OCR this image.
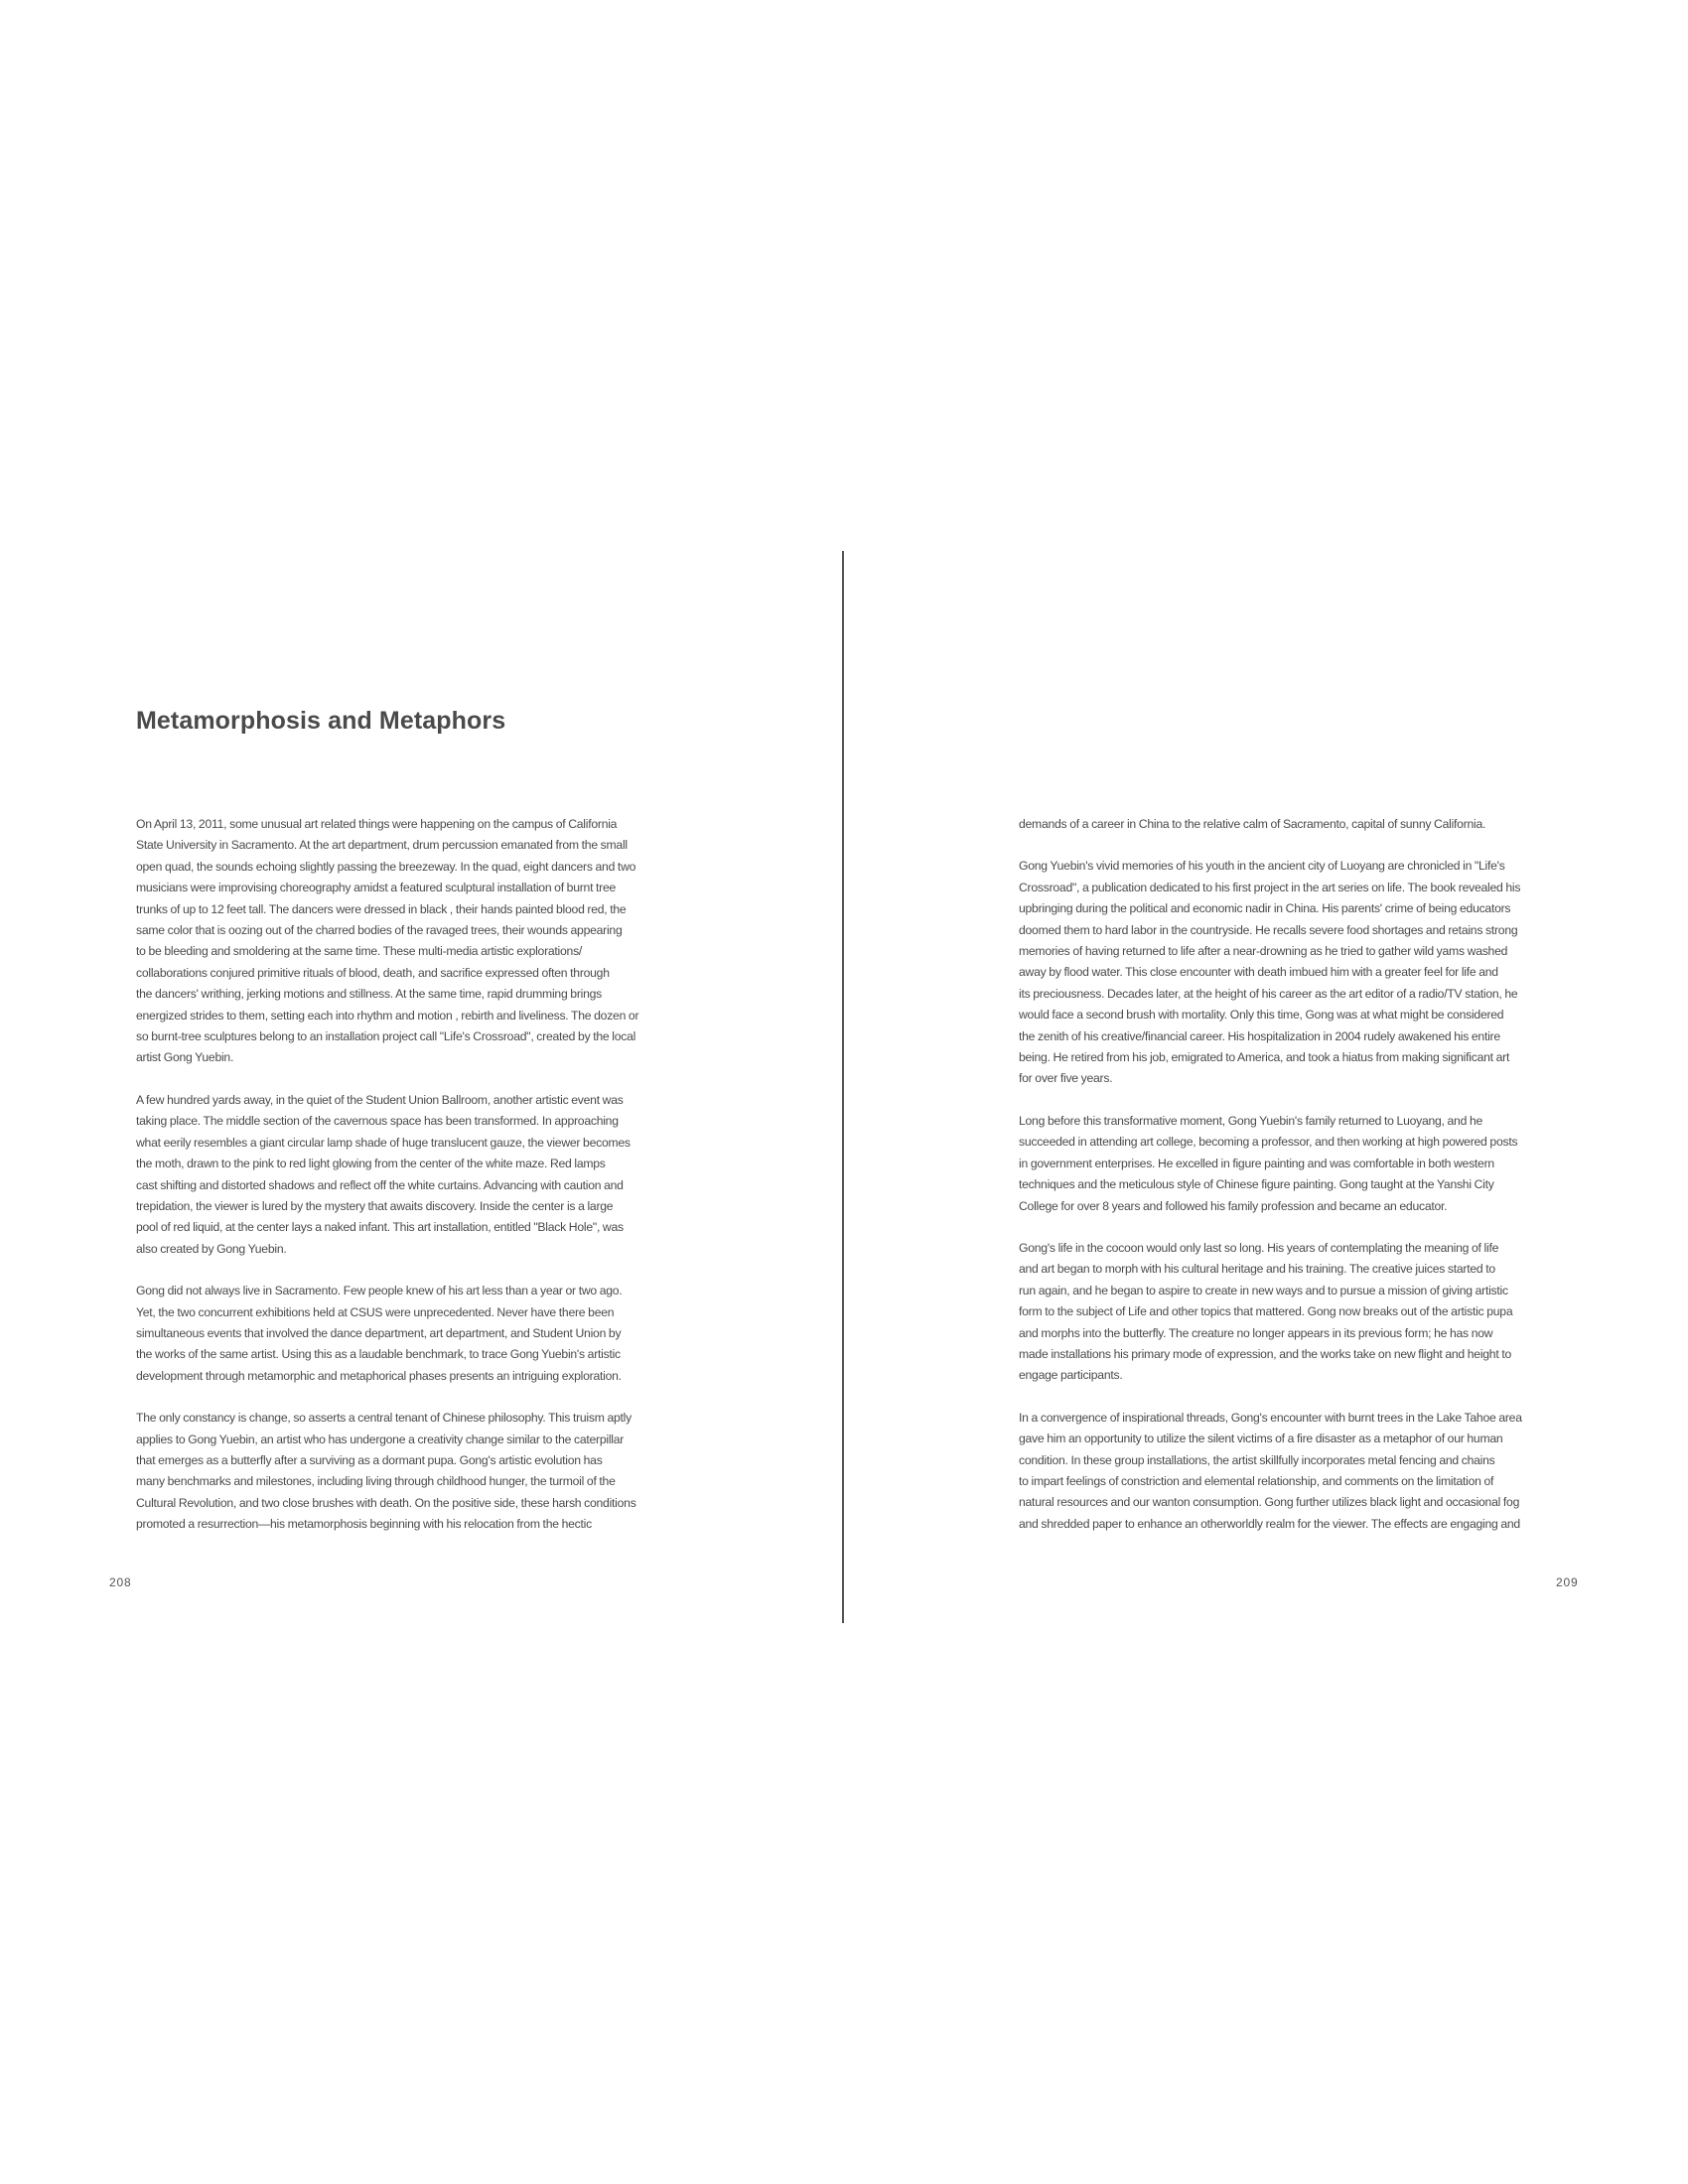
Metamorphosis and Metaphors

On April 13, 2011, some unusual art related things were happening on the campus of California
State University in Sacramento. At the art department, drum percussion emanated from the small
open quad, the sounds echoing slightly passing the breezeway. In the quad, eight dancers and two
musicians were improvising choreography amidst a featured sculptural installation of burnt tree
trunks of up to 12 feet tall. The dancers were dressed in black , their hands painted blood red, the
same color that is oozing out of the charred bodies of the ravaged trees, their wounds appearing
to be bleeding and smoldering at the same time. These multi-media artistic explorations/
collaborations conjured primitive rituals of blood, death, and sacrifice expressed often through
the dancers' writhing, jerking motions and stillness. At the same time, rapid drumming brings
energized strides to them, setting each into rhythm and motion , rebirth and liveliness. The dozen or
so burnt-tree sculptures belong to an installation project call "Life's Crossroad", created by the local
artist Gong Yuebin.

A few hundred yards away, in the quiet of the Student Union Ballroom, another artistic event was
taking place. The middle section of the cavernous space has been transformed. In approaching
what eerily resembles a giant circular lamp shade of huge translucent gauze, the viewer becomes
the moth, drawn to the pink to red light glowing from the center of the white maze. Red lamps
cast shifting and distorted shadows and reflect off the white curtains. Advancing with caution and
trepidation, the viewer is lured by the mystery that awaits discovery. Inside the center is a large
pool of red liquid, at the center lays a naked infant. This art installation, entitled "Black Hole", was
also created by Gong Yuebin.

Gong did not always live in Sacramento. Few people knew of his art less than a year or two ago.
Yet, the two concurrent exhibitions held at CSUS were unprecedented. Never have there been
simultaneous events that involved the dance department, art department, and Student Union by
the works of the same artist. Using this as a laudable benchmark, to trace Gong Yuebin's artistic
development through metamorphic and metaphorical phases presents an intriguing exploration.

The only constancy is change, so asserts a central tenant of Chinese philosophy. This truism aptly
applies to Gong Yuebin, an artist who has undergone a creativity change similar to the caterpillar
that emerges as a butterfly after a surviving as a dormant pupa. Gong's artistic evolution has
many benchmarks and milestones, including living through childhood hunger, the turmoil of the
Cultural Revolution, and two close brushes with death. On the positive side, these harsh conditions
promoted a resurrection—his metamorphosis beginning with his relocation from the hectic

208

demands of a career in China to the relative calm of Sacramento, capital of sunny California.

Gong Yuebin's vivid memories of his youth in the ancient city of Luoyang are chronicled in "Life's
Crossroad", a publication dedicated to his first project in the art series on life. The book revealed his
upbringing during the political and economic nadir in China. His parents' crime of being educators
doomed them to hard labor in the countryside. He recalls severe food shortages and retains strong
memories of having returned to life after a near-drowning as he tried to gather wild yams washed
away by flood water. This close encounter with death imbued him with a greater feel for life and
its preciousness. Decades later, at the height of his career as the art editor of a radio/TV station, he
would face a second brush with mortality. Only this time, Gong was at what might be considered
the zenith of his creative/financial career. His hospitalization in 2004 rudely awakened his entire
being. He retired from his job, emigrated to America, and took a hiatus from making significant art
for over five years.

Long before this transformative moment, Gong Yuebin's family returned to Luoyang, and he
succeeded in attending art college, becoming a professor, and then working at high powered posts
in government enterprises. He excelled in figure painting and was comfortable in both western
techniques and the meticulous style of Chinese figure painting. Gong taught at the Yanshi City
College for over 8 years and followed his family profession and became an educator.

Gong's life in the cocoon would only last so long. His years of contemplating the meaning of life
and art began to morph with his cultural heritage and his training. The creative juices started to
run again, and he began to aspire to create in new ways and to pursue a mission of giving artistic
form to the subject of Life and other topics that mattered. Gong now breaks out of the artistic pupa
and morphs into the butterfly. The creature no longer appears in its previous form; he has now
made installations his primary mode of expression, and the works take on new flight and height to
engage participants.

In a convergence of inspirational threads, Gong's encounter with burnt trees in the Lake Tahoe area
gave him an opportunity to utilize the silent victims of a fire disaster as a metaphor of our human
condition. In these group installations, the artist skillfully incorporates metal fencing and chains
to impart feelings of constriction and elemental relationship, and comments on the limitation of
natural resources and our wanton consumption. Gong further utilizes black light and occasional fog
and shredded paper to enhance an otherworldly realm for the viewer. The effects are engaging and

209
